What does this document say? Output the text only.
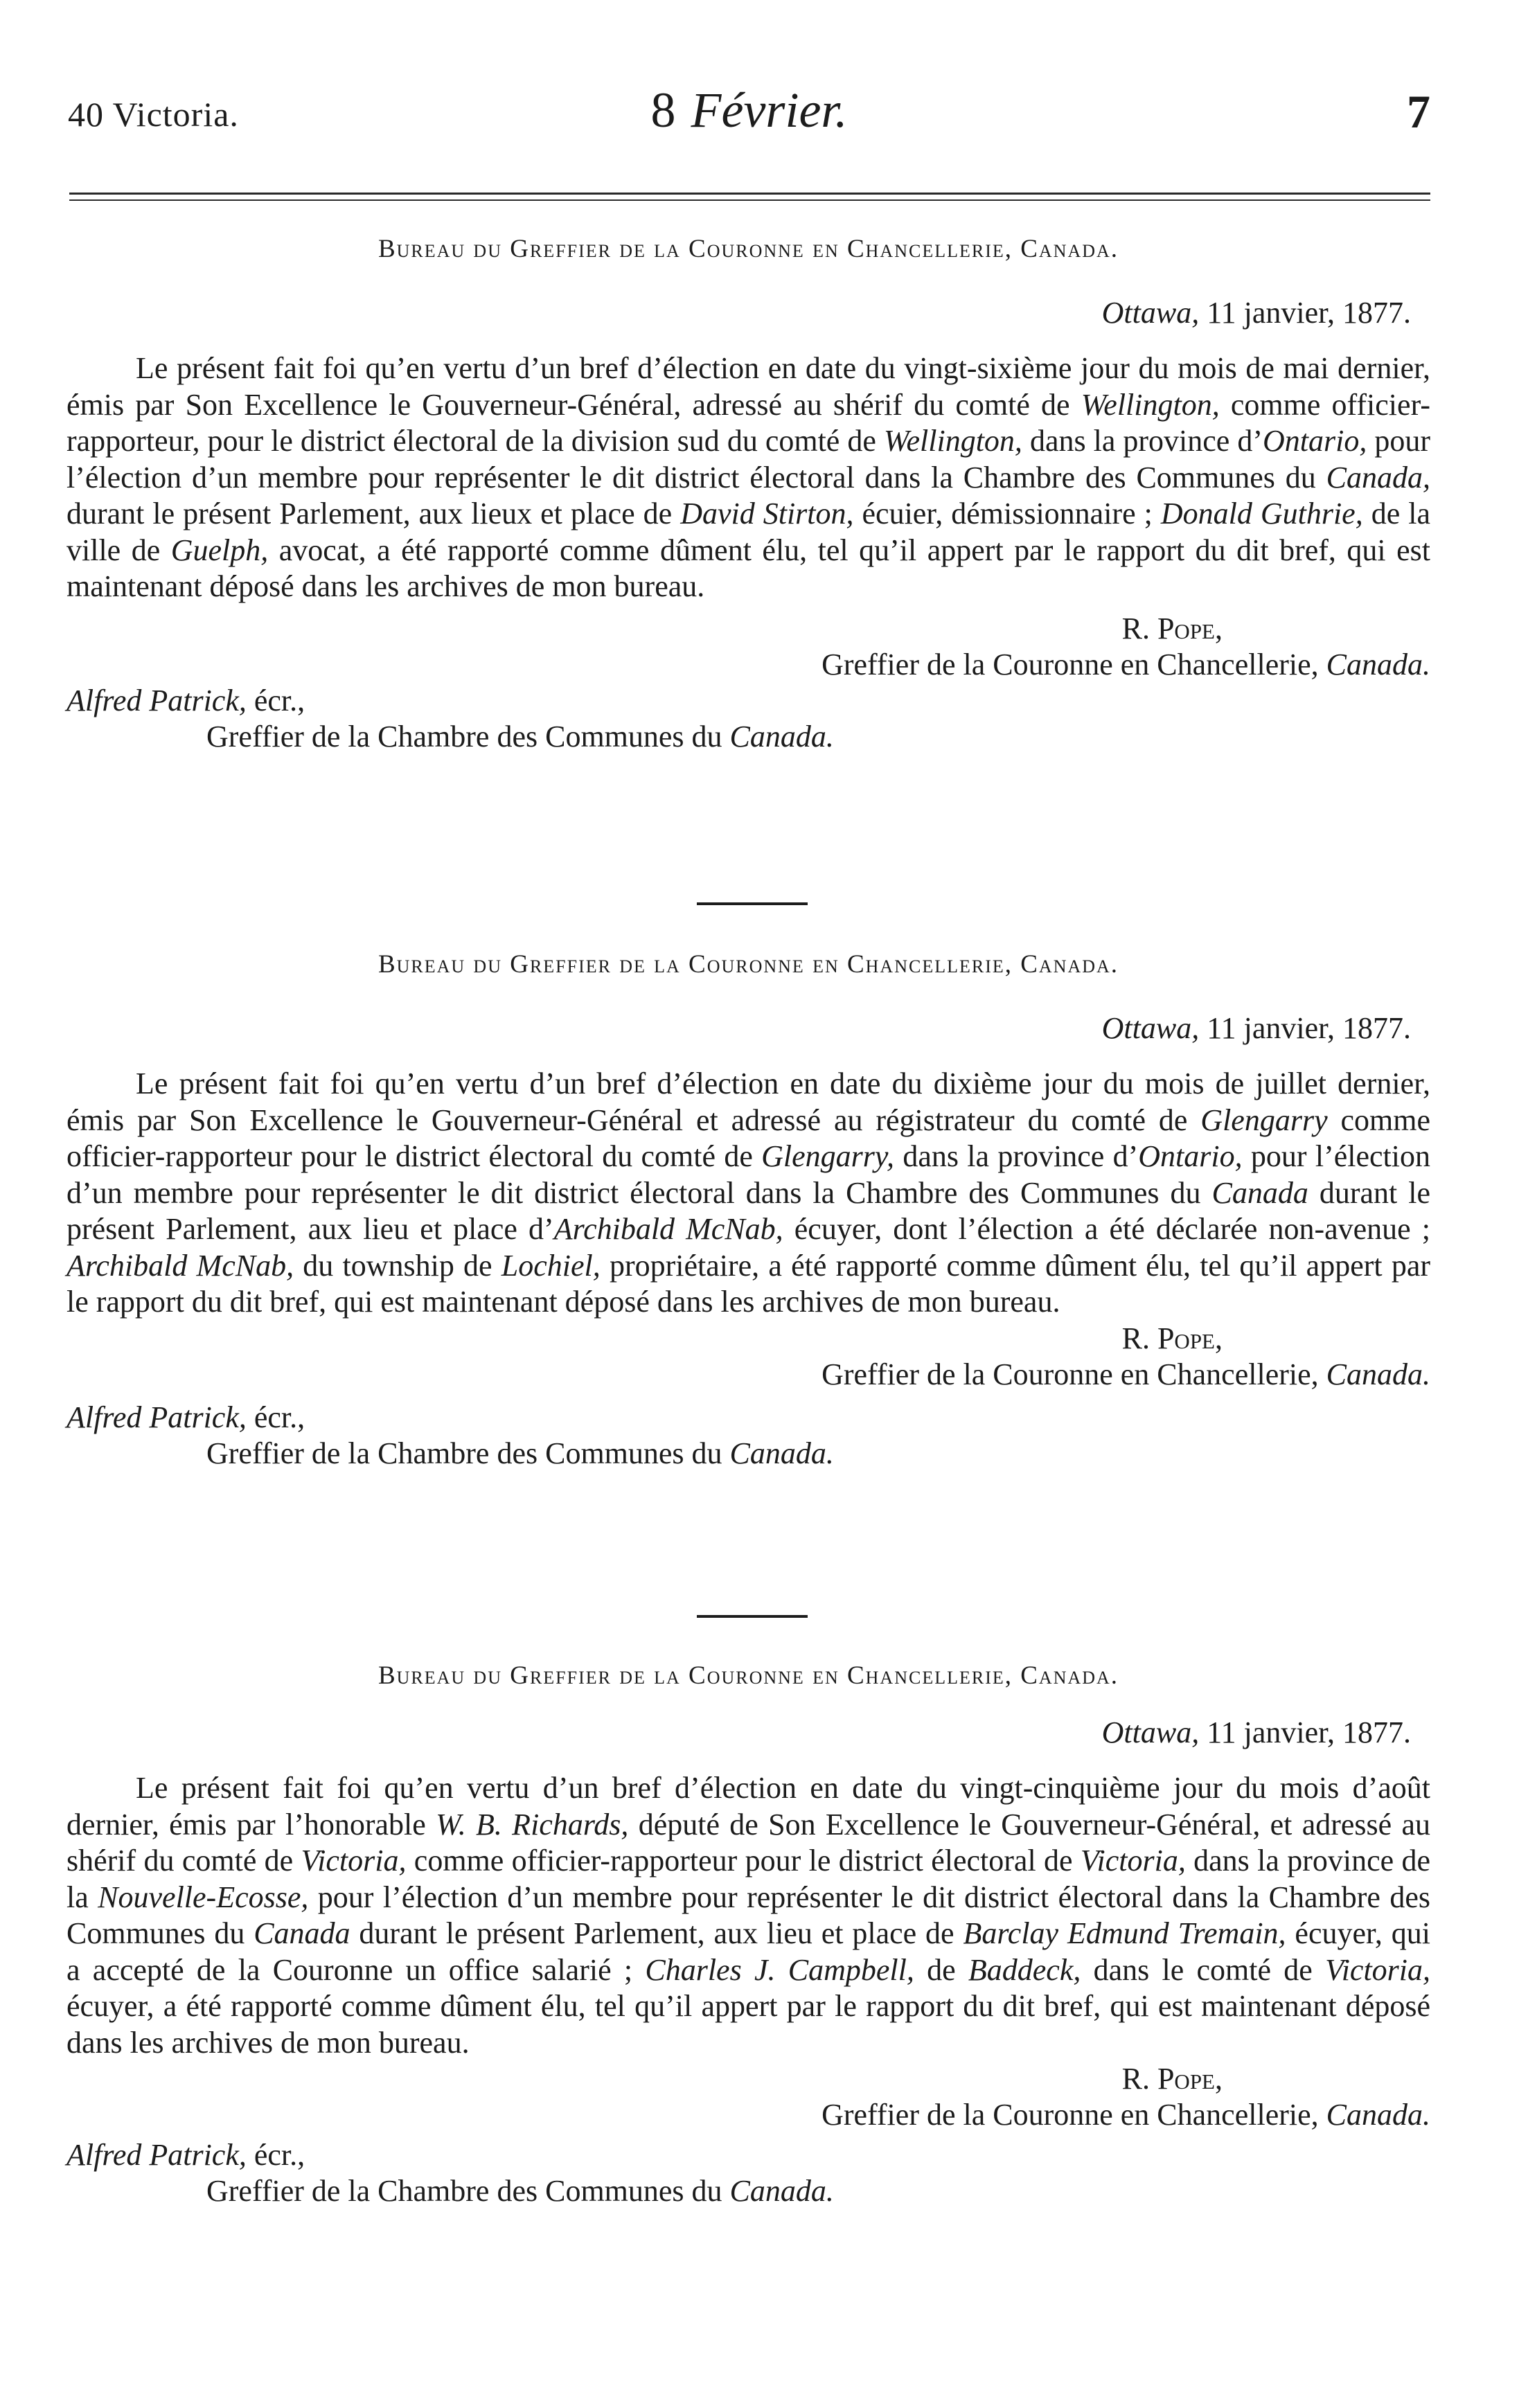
40 Victoria.	8 Février.	7

Bureau du Greffier de la Couronne en Chancellerie, Canada.

Ottawa, 11 janvier, 1877.

Le présent fait foi qu’en vertu d’un bref d’élection en date du vingt-sixième jour du mois de mai dernier, émis par Son Excellence le Gouverneur-Général, adressé au shérif du comté de Wellington, comme officier-rapporteur, pour le district électoral de la division sud du comté de Wellington, dans la province d’Ontario, pour l’élection d’un membre pour représenter le dit district électoral dans la Chambre des Communes du Canada, durant le présent Parlement, aux lieux et place de David Stirton, écuier, démissionnaire ; Donald Guthrie, de la ville de Guelph, avocat, a été rapporté comme dûment élu, tel qu’il appert par le rapport du dit bref, qui est maintenant déposé dans les archives de mon bureau.

R. Pope,

Greffier de la Couronne en Chancellerie, Canada.

Alfred Patrick, écr.,

Greffier de la Chambre des Communes du Canada.

Bureau du Greffier de la Couronne en Chancellerie, Canada.

Ottawa, 11 janvier, 1877.

Le présent fait foi qu’en vertu d’un bref d’élection en date du dixième jour du mois de juillet dernier, émis par Son Excellence le Gouverneur-Général et adressé au régistrateur du comté de Glengarry comme officier-rapporteur pour le district électoral du comté de Glengarry, dans la province d’Ontario, pour l’élection d’un membre pour représenter le dit district électoral dans la Chambre des Communes du Canada durant le présent Parlement, aux lieu et place d’Archibald McNab, écuyer, dont l’élection a été déclarée non-avenue ; Archibald McNab, du township de Lochiel, propriétaire, a été rapporté comme dûment élu, tel qu’il appert par le rapport du dit bref, qui est maintenant déposé dans les archives de mon bureau.

R. Pope,

Greffier de la Couronne en Chancellerie, Canada.

Alfred Patrick, écr.,

Greffier de la Chambre des Communes du Canada.

Bureau du Greffier de la Couronne en Chancellerie, Canada.

Ottawa, 11 janvier, 1877.

Le présent fait foi qu’en vertu d’un bref d’élection en date du vingt-cinquième jour du mois d’août dernier, émis par l’honorable W. B. Richards, député de Son Excellence le Gouverneur-Général, et adressé au shérif du comté de Victoria, comme officier-rapporteur pour le district électoral de Victoria, dans la province de la Nouvelle-Ecosse, pour l’élection d’un membre pour représenter le dit district électoral dans la Chambre des Communes du Canada durant le présent Parlement, aux lieu et place de Barclay Edmund Tremain, écuyer, qui a accepté de la Couronne un office salarié ; Charles J. Campbell, de Baddeck, dans le comté de Victoria, écuyer, a été rapporté comme dûment élu, tel qu’il appert par le rapport du dit bref, qui est maintenant déposé dans les archives de mon bureau.

R. Pope,

Greffier de la Couronne en Chancellerie, Canada.

Alfred Patrick, écr.,

Greffier de la Chambre des Communes du Canada.
